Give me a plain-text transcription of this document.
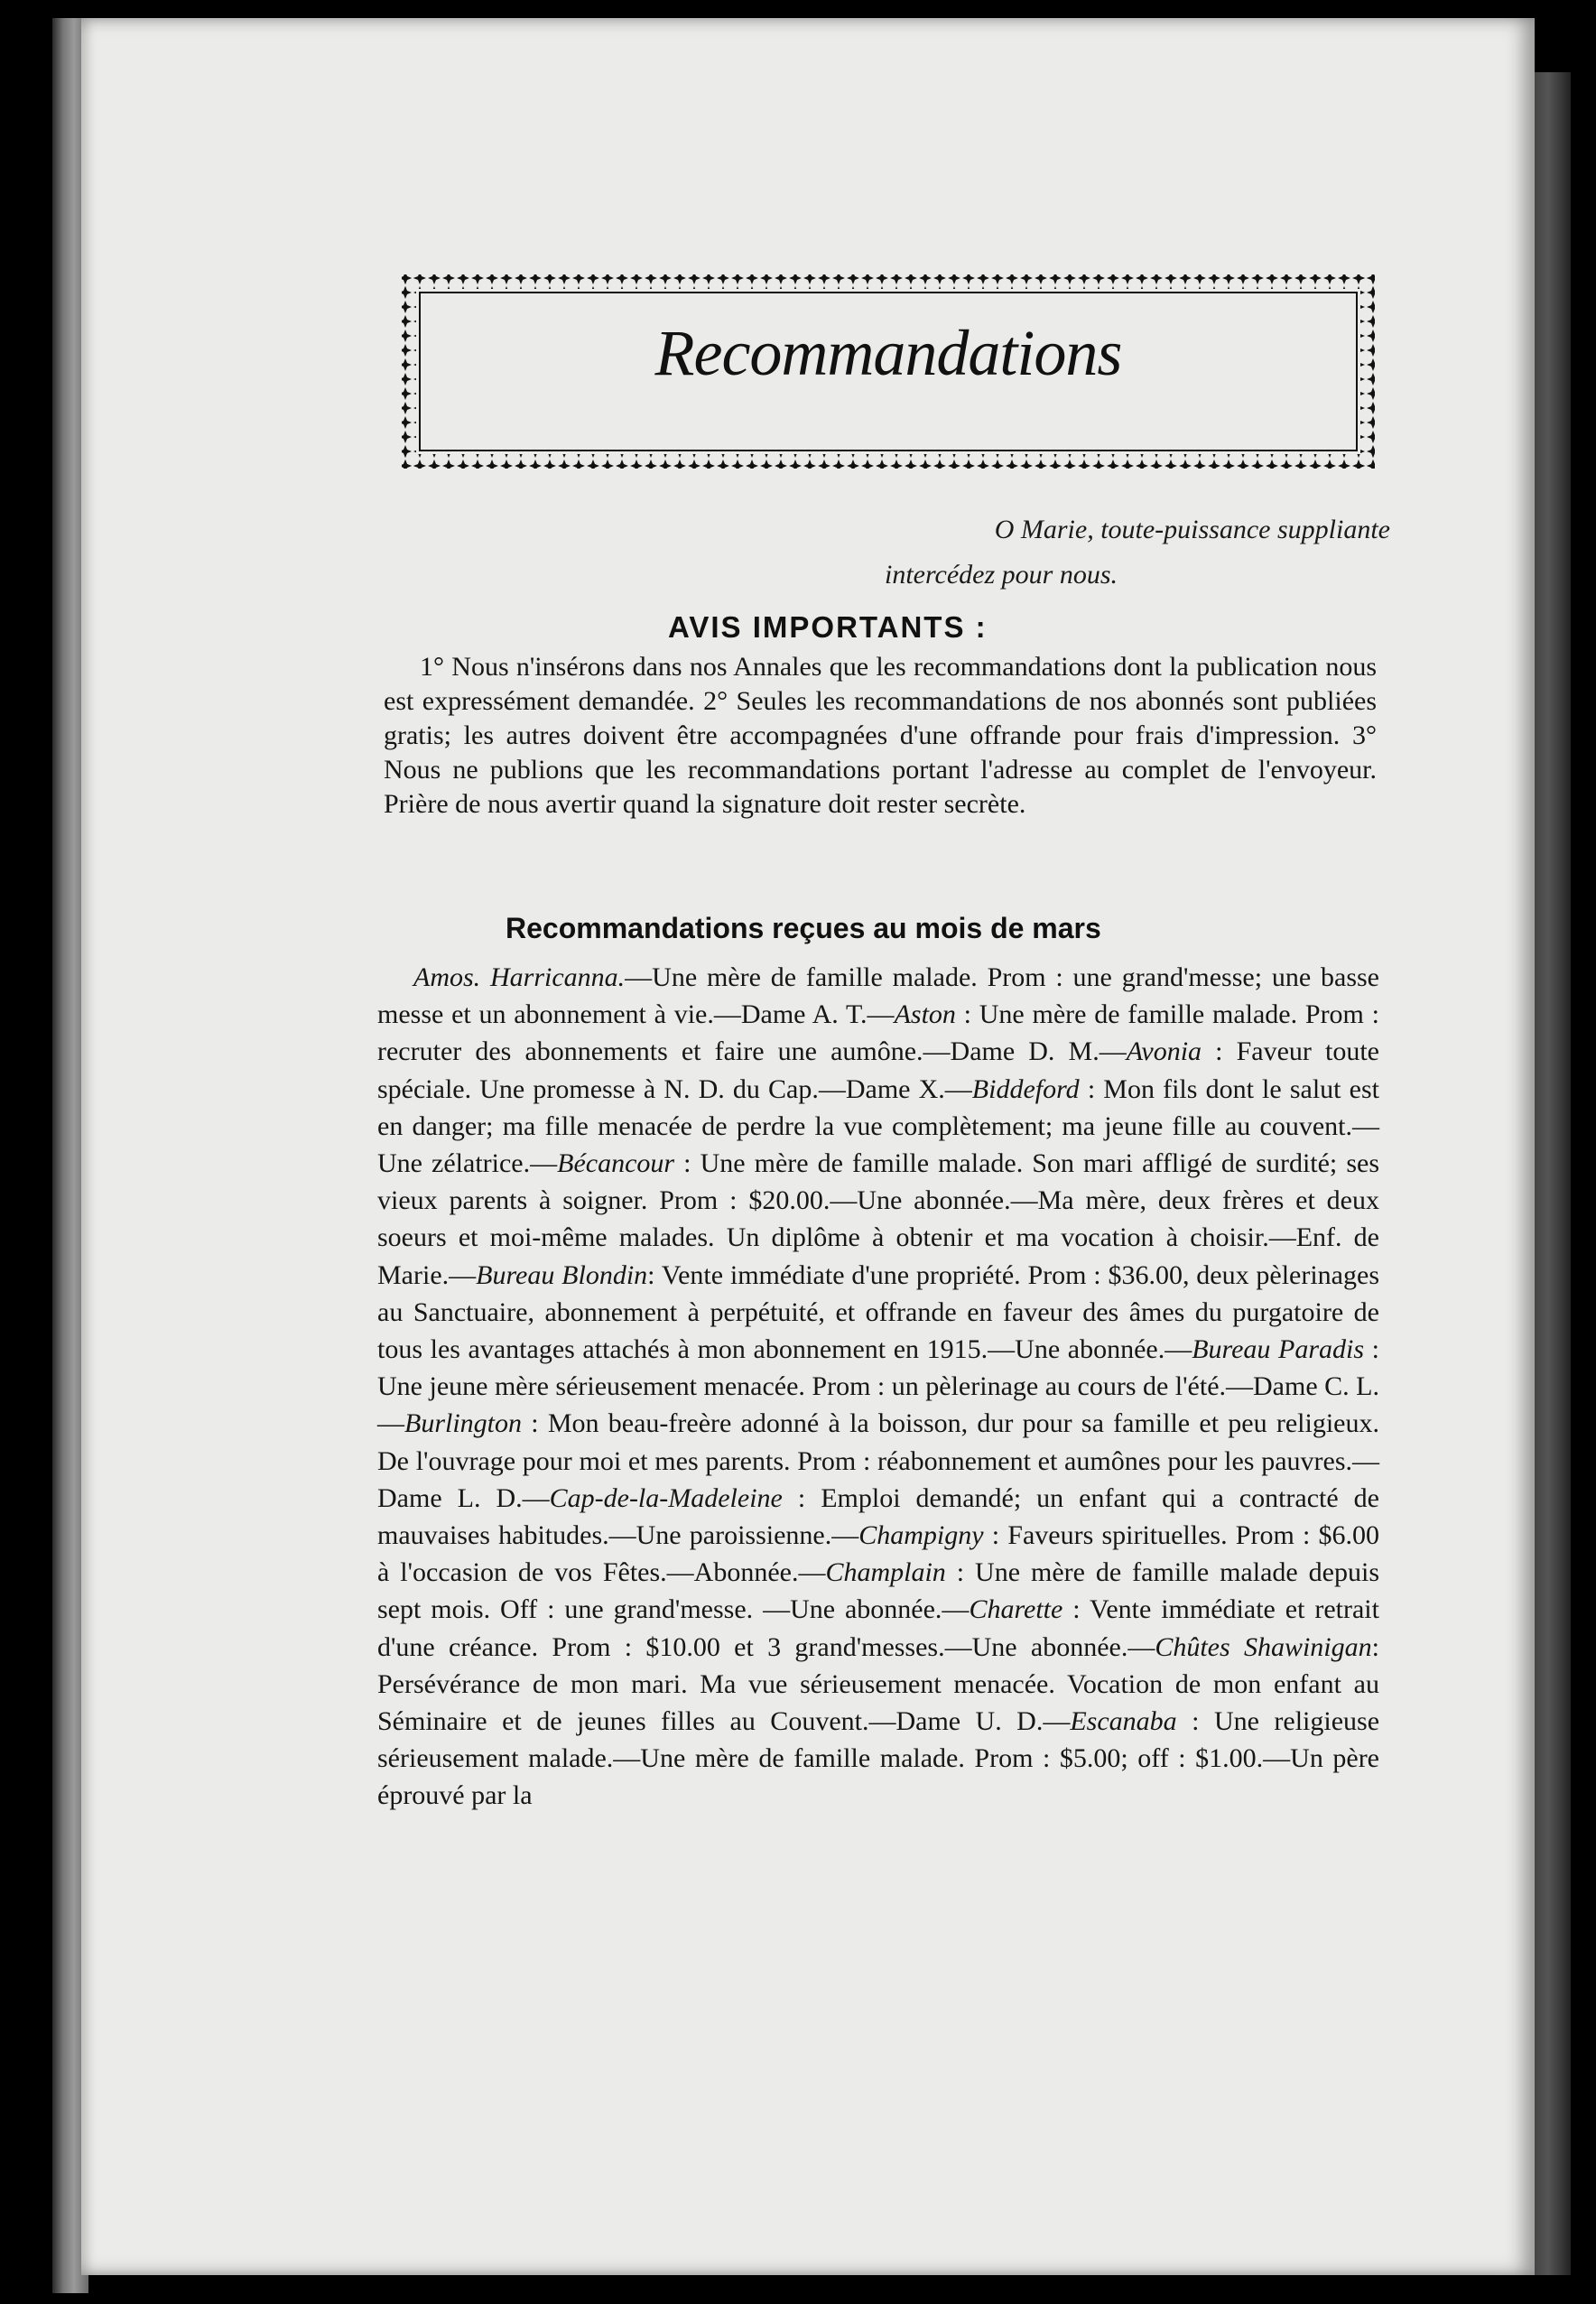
Recommandations
O Marie, toute-puissance suppliante
intercédez pour nous.
AVIS IMPORTANTS :

1° Nous n'insérons dans nos Annales que les recommandations dont la publication nous est expressément demandée. 2° Seules les recommandations de nos abonnés sont publiées gratis; les autres doivent être accompagnées d'une offrande pour frais d'impression. 3° Nous ne publions que les recommandations portant l'adresse au complet de l'envoyeur. Prière de nous avertir quand la signature doit rester secrète.

Recommandations reçues au mois de mars

Amos. Harricanna.—Une mère de famille malade. Prom : une grand'messe; une basse messe et un abonnement à vie.—Dame A. T.—Aston : Une mère de famille malade. Prom : recruter des abonnements et faire une aumône.—Dame D. M.—Avonia : Faveur toute spéciale. Une promesse à N. D. du Cap.—Dame X.—Biddeford : Mon fils dont le salut est en danger; ma fille menacée de perdre la vue complètement; ma jeune fille au couvent.—Une zélatrice.—Bécancour : Une mère de famille malade. Son mari affligé de surdité; ses vieux parents à soigner. Prom : $20.00.—Une abonnée.—Ma mère, deux frères et deux soeurs et moi-même malades. Un diplôme à obtenir et ma vocation à choisir.—Enf. de Marie.—Bureau Blondin: Vente immédiate d'une propriété. Prom : $36.00, deux pèlerinages au Sanctuaire, abonnement à perpétuité, et offrande en faveur des âmes du purgatoire de tous les avantages attachés à mon abonnement en 1915.—Une abonnée.—Bureau Paradis : Une jeune mère sérieusement menacée. Prom : un pèlerinage au cours de l'été.—Dame C. L.—Burlington : Mon beau-freère adonné à la boisson, dur pour sa famille et peu religieux. De l'ouvrage pour moi et mes parents. Prom : réabonnement et aumônes pour les pauvres.—Dame L. D.—Cap-de-la-Madeleine : Emploi demandé; un enfant qui a contracté de mauvaises habitudes.—Une paroissienne.—Champigny : Faveurs spirituelles. Prom : $6.00 à l'occasion de vos Fêtes.—Abonnée.—Champlain : Une mère de famille malade depuis sept mois. Off : une grand'messe. —Une abonnée.—Charette : Vente immédiate et retrait d'une créance. Prom : $10.00 et 3 grand'messes.—Une abonnée.—Chûtes Shawinigan: Persévérance de mon mari. Ma vue sérieusement menacée. Vocation de mon enfant au Séminaire et de jeunes filles au Couvent.—Dame U. D.—Escanaba : Une religieuse sérieusement malade.—Une mère de famille malade. Prom : $5.00; off : $1.00.—Un père éprouvé par la
